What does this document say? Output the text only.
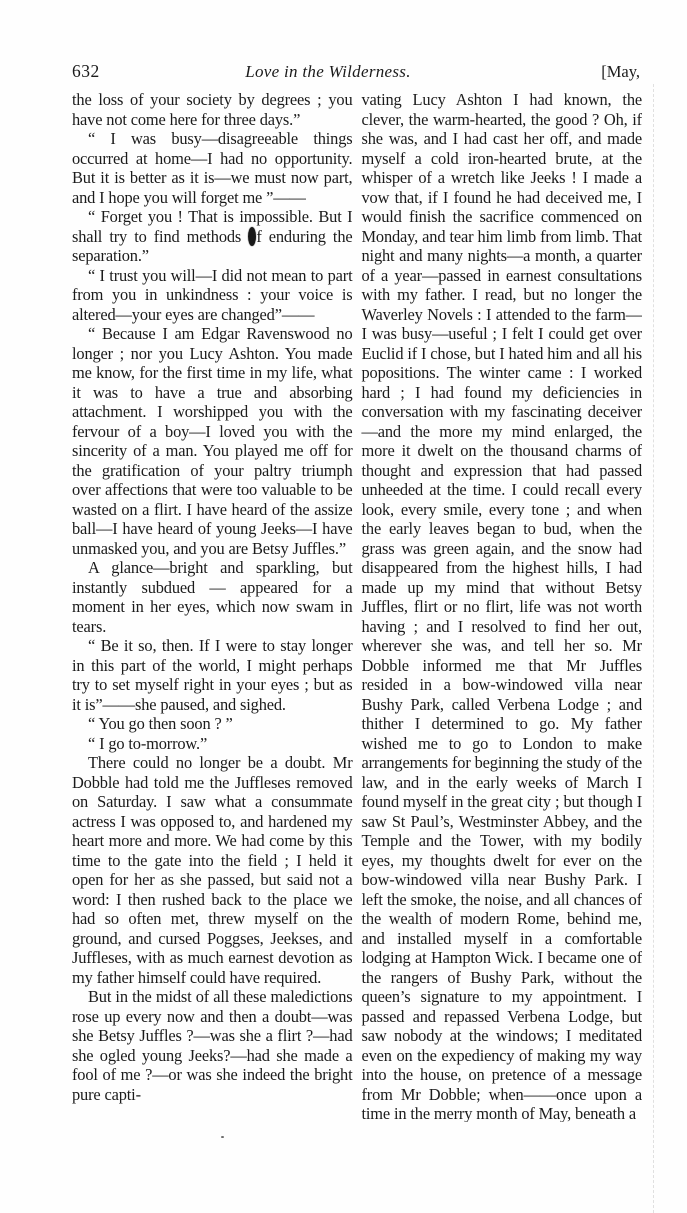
632	Love in the Wilderness.	[May,

the loss of your society by degrees ; you have not come here for three days.”

“ I was busy—disagreeable things occurred at home—I had no opportunity. But it is better as it is—we must now part, and I hope you will forget me ”——

“ Forget you ! That is impossible. But I shall try to find methods of enduring the separation.”

“ I trust you will—I did not mean to part from you in unkindness : your voice is altered—your eyes are changed”——

“ Because I am Edgar Ravenswood no longer ; nor you Lucy Ashton. You made me know, for the first time in my life, what it was to have a true and absorbing attachment. I worshipped you with the fervour of a boy—I loved you with the sincerity of a man. You played me off for the gratification of your paltry triumph over affections that were too valuable to be wasted on a flirt. I have heard of the assize ball—I have heard of young Jeeks—I have unmasked you, and you are Betsy Juffles.”

A glance—bright and sparkling, but instantly subdued — appeared for a moment in her eyes, which now swam in tears.

“ Be it so, then. If I were to stay longer in this part of the world, I might perhaps try to set myself right in your eyes ; but as it is”——she paused, and sighed.

“ You go then soon ? ”

“ I go to-morrow.”

There could no longer be a doubt. Mr Dobble had told me the Juffleses removed on Saturday. I saw what a consummate actress I was opposed to, and hardened my heart more and more. We had come by this time to the gate into the field ; I held it open for her as she passed, but said not a word: I then rushed back to the place we had so often met, threw myself on the ground, and cursed Poggses, Jeekses, and Juffleses, with as much earnest devotion as my father himself could have required.

But in the midst of all these maledictions rose up every now and then a doubt—was she Betsy Juffles ?—was she a flirt ?—had she ogled young Jeeks?—had she made a fool of me ?—or was she indeed the bright pure capti-

vating Lucy Ashton I had known, the clever, the warm-hearted, the good ? Oh, if she was, and I had cast her off, and made myself a cold iron-hearted brute, at the whisper of a wretch like Jeeks ! I made a vow that, if I found he had deceived me, I would finish the sacrifice commenced on Monday, and tear him limb from limb. That night and many nights—a month, a quarter of a year—passed in earnest consultations with my father. I read, but no longer the Waverley Novels : I attended to the farm—I was busy—useful ; I felt I could get over Euclid if I chose, but I hated him and all his popositions. The winter came : I worked hard ; I had found my deficiencies in conversation with my fascinating deceiver—and the more my mind enlarged, the more it dwelt on the thousand charms of thought and expression that had passed unheeded at the time. I could recall every look, every smile, every tone ; and when the early leaves began to bud, when the grass was green again, and the snow had disappeared from the highest hills, I had made up my mind that without Betsy Juffles, flirt or no flirt, life was not worth having ; and I resolved to find her out, wherever she was, and tell her so. Mr Dobble informed me that Mr Juffles resided in a bow-windowed villa near Bushy Park, called Verbena Lodge ; and thither I determined to go. My father wished me to go to London to make arrangements for beginning the study of the law, and in the early weeks of March I found myself in the great city ; but though I saw St Paul’s, Westminster Abbey, and the Temple and the Tower, with my bodily eyes, my thoughts dwelt for ever on the bow-windowed villa near Bushy Park. I left the smoke, the noise, and all chances of the wealth of modern Rome, behind me, and installed myself in a comfortable lodging at Hampton Wick. I became one of the rangers of Bushy Park, without the queen’s signature to my appointment. I passed and repassed Verbena Lodge, but saw nobody at the windows; I meditated even on the expediency of making my way into the house, on pretence of a message from Mr Dobble; when——once upon a time in the merry month of May, beneath a
